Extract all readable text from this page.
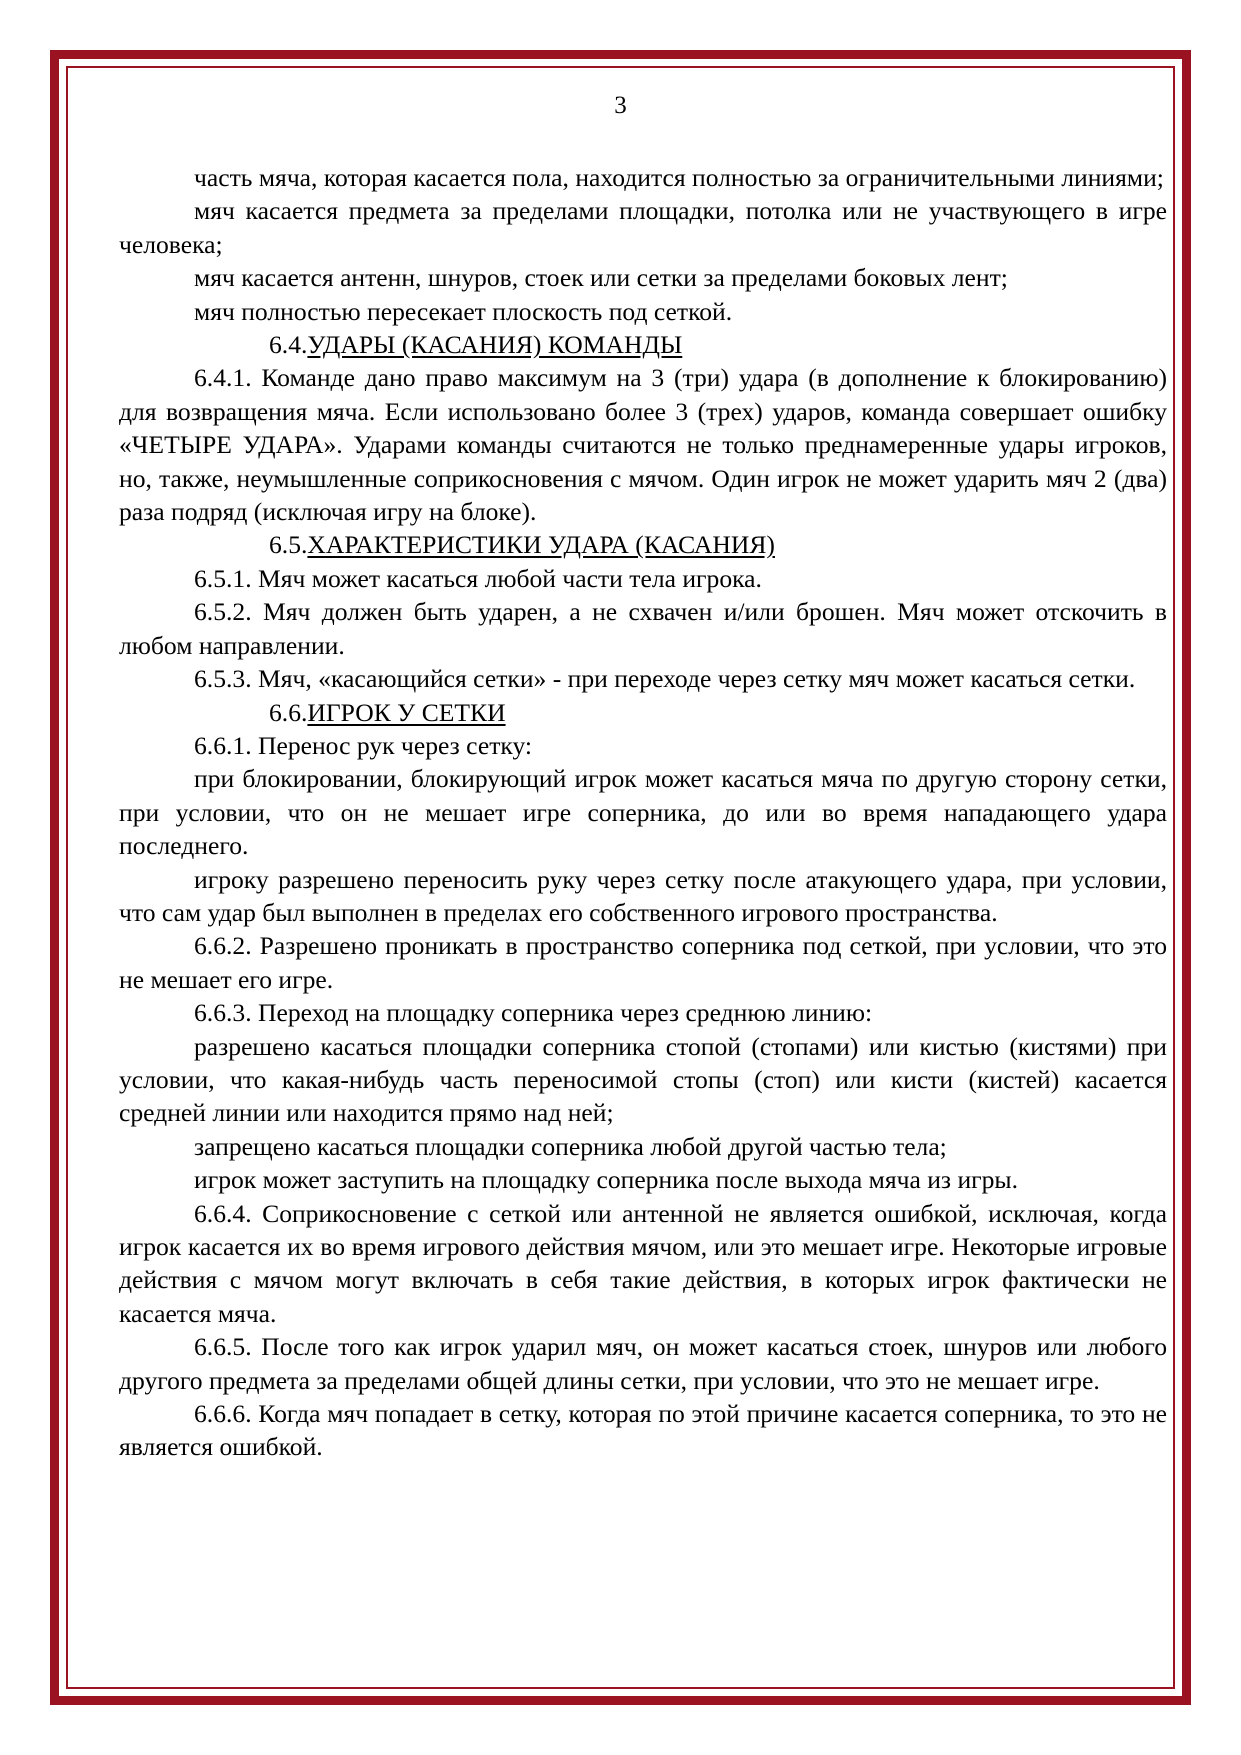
3

часть мяча, которая касается пола, находится полностью за ограничительными линиями;

мяч касается предмета за пределами площадки, потолка или не участвующего в игре человека;

мяч касается антенн, шнуров, стоек или сетки за пределами боковых лент;

мяч полностью пересекает плоскость под сеткой.

6.4.УДАРЫ (КАСАНИЯ) КОМАНДЫ

6.4.1. Команде дано право максимум на 3 (три) удара (в дополнение к блокированию) для возвращения мяча. Если использовано более 3 (трех) ударов, команда совершает ошибку «ЧЕТЫРЕ УДАРА». Ударами команды считаются не только преднамеренные удары игроков, но, также, неумышленные соприкосновения с мячом. Один игрок не может ударить мяч 2 (два) раза подряд (исключая игру на блоке).

6.5.ХАРАКТЕРИСТИКИ УДАРА (КАСАНИЯ)

6.5.1. Мяч может касаться любой части тела игрока.

6.5.2. Мяч должен быть ударен, а не схвачен и/или брошен. Мяч может отскочить в любом направлении.

6.5.3. Мяч, «касающийся сетки» - при переходе через сетку мяч может касаться сетки.

6.6.ИГРОК У СЕТКИ

6.6.1. Перенос рук через сетку:

при блокировании, блокирующий игрок может касаться мяча по другую сторону сетки, при условии, что он не мешает игре соперника, до или во время нападающего удара последнего.

игроку разрешено переносить руку через сетку после атакующего удара, при условии, что сам удар был выполнен в пределах его собственного игрового пространства.

6.6.2. Разрешено проникать в пространство соперника под сеткой, при условии, что это не мешает его игре.

6.6.3. Переход на площадку соперника через среднюю линию:

разрешено касаться площадки соперника стопой (стопами) или кистью (кистями) при условии, что какая-нибудь часть переносимой стопы (стоп) или кисти (кистей) касается средней линии или находится прямо над ней;

запрещено касаться площадки соперника любой другой частью тела;

игрок может заступить на площадку соперника после выхода мяча из игры.

6.6.4. Соприкосновение с сеткой или антенной не является ошибкой, исключая, когда игрок касается их во время игрового действия мячом, или это мешает игре. Некоторые игровые действия с мячом могут включать в себя такие действия, в которых игрок фактически не касается мяча.

6.6.5. После того как игрок ударил мяч, он может касаться стоек, шнуров или любого другого предмета за пределами общей длины сетки, при условии, что это не мешает игре.

6.6.6. Когда мяч попадает в сетку, которая по этой причине касается соперника, то это не является ошибкой.
